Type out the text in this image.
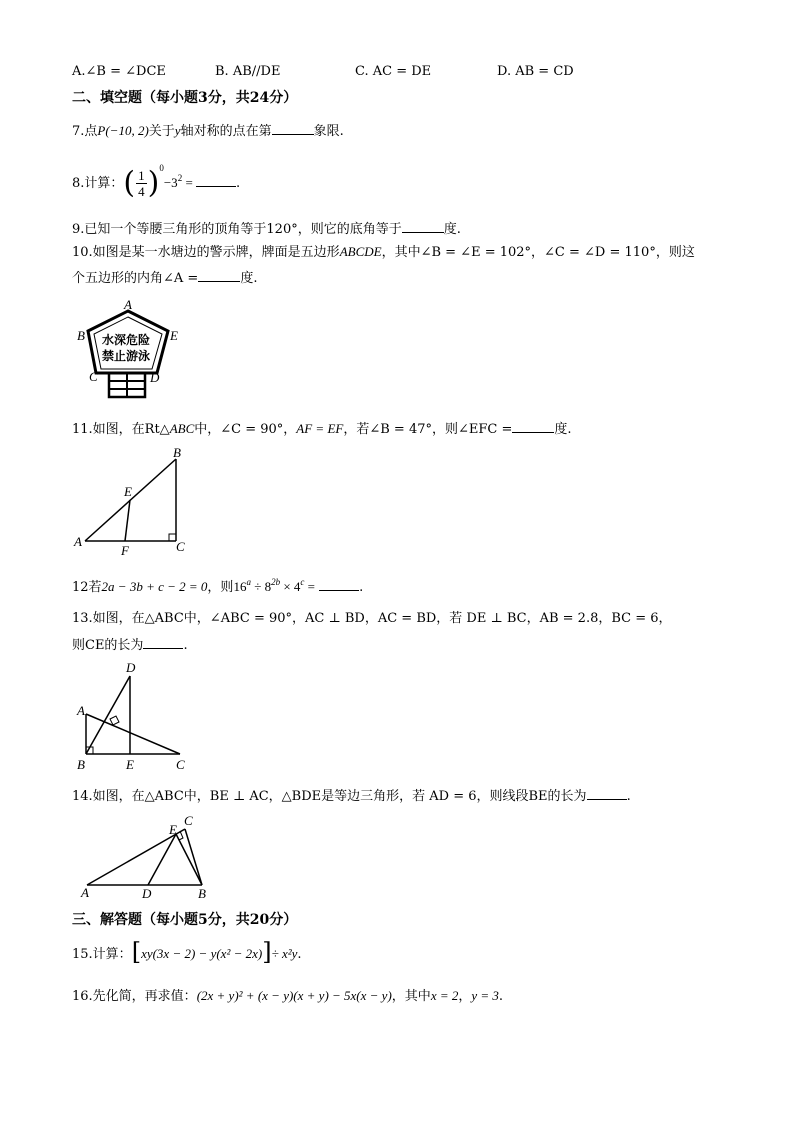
A.∠B = ∠DCE	B. AB//DE	C. AC = DE	D. AB = CD
二、填空题（每小题3分，共24分）
7.点P(−10, 2)关于y轴对称的点在第	象限.
8.计算：( $\frac{1}{4} )^0-3^2$ =	.
9.已知一个等腰三角形的顶角等于120°，则它的底角等于	度.
10.如图是某一水塘边的警示牌，牌面是五边形ABCDE，其中∠B = ∠E = 102°，∠C = ∠D = 110°，则这
个五边形的内角∠A =	度.
水深危险
禁止游泳
A
B	E
C	D
11.如图，在Rt△ABC中，∠C = 90°，AF = EF，若∠B = 47°，则∠EFC =	度.
B
E
A
F	C
12若2a − 3b + c − 2 = 0，则$16^a \div 8^{2b} \times 4^c$ =	.
13.如图，在△ABC中，∠ABC = 90°，AC ⊥ BD，AC = BD，若 DE ⊥ BC，AB = 2.8，BC = 6，
则CE的长为	.
D
A
B	E	C
14.如图，在△ABC中，BE ⊥ AC，△BDE是等边三角形，若 AD = 6，则线段BE的长为	.
E
C
A	D	B
三、解答题（每小题5分，共20分）
15.计算：[xy(3x − 2) − y(x² − 2x)]÷ x²y.
16.先化简，再求值：(2x + y)² + (x − y)(x + y) − 5x(x − y)，其中x = 2，y = 3.
